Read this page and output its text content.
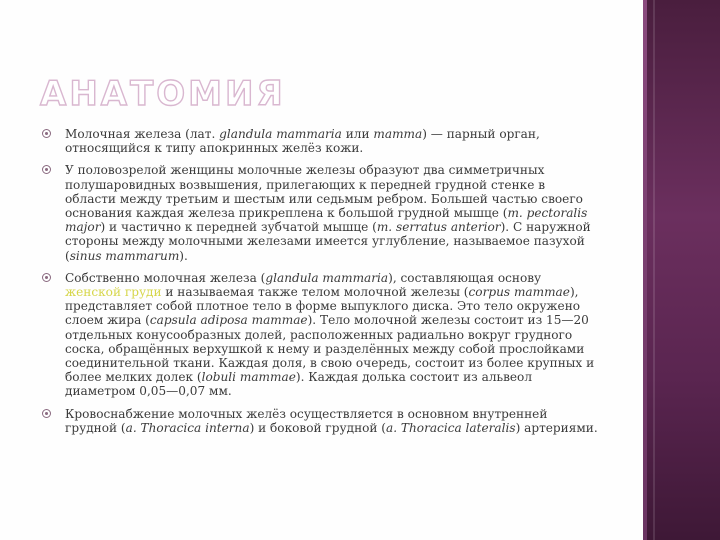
АНАТОМИЯ

Молочная железа (лат. glandula mammaria или mamma) — парный орган, относящийся к типу апокринных желёз кожи.

У половозрелой женщины молочные железы образуют два симметричных полушаровидных возвышения, прилегающих к передней грудной стенке в области между третьим и шестым или седьмым ребром. Большей частью своего основания каждая железа прикреплена к большой грудной мышце (m. pectoralis major) и частично к передней зубчатой мышце (m. serratus anterior). С наружной стороны между молочными железами имеется углубление, называемое пазухой (sinus mammarum).

Собственно молочная железа (glandula mammaria), составляющая основу женской груди и называемая также телом молочной железы (corpus mammae), представляет собой плотное тело в форме выпуклого диска. Это тело окружено слоем жира (capsula adiposa mammae). Тело молочной железы состоит из 15—20 отдельных конусообразных долей, расположенных радиально вокруг грудного соска, обращённых верхушкой к нему и разделённых между собой прослойками соединительной ткани. Каждая доля, в свою очередь, состоит из более крупных и более мелких долек (lobuli mammae). Каждая долька состоит из альвеол диаметром 0,05—0,07 мм.

Кровоснабжение молочных желёз осуществляется в основном внутренней грудной (a. Thoracica interna) и боковой грудной (a. Thoracica lateralis) артериями.
